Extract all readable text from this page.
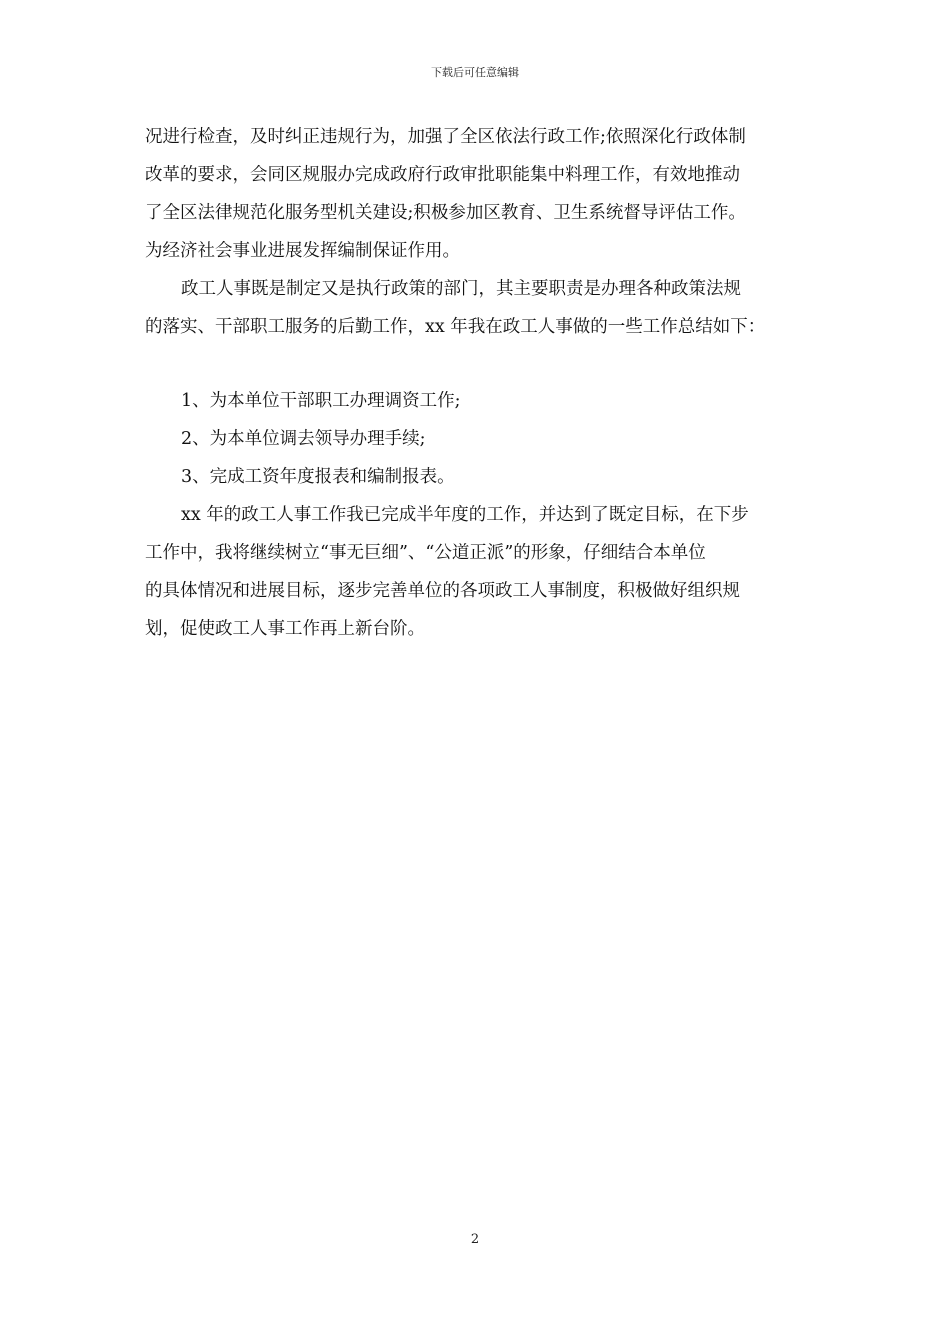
下载后可任意编辑
况进行检查，及时纠正违规行为，加强了全区依法行政工作;依照深化行政体制
改革的要求，会同区规服办完成政府行政审批职能集中料理工作，有效地推动
了全区法律规范化服务型机关建设;积极参加区教育、卫生系统督导评估工作。
为经济社会事业进展发挥编制保证作用。
政工人事既是制定又是执行政策的部门，其主要职责是办理各种政策法规
的落实、干部职工服务的后勤工作，xx 年我在政工人事做的一些工作总结如下：
1、为本单位干部职工办理调资工作;
2、为本单位调去领导办理手续;
3、完成工资年度报表和编制报表。
xx 年的政工人事工作我已完成半年度的工作，并达到了既定目标，在下步
工作中，我将继续树立“事无巨细”、“公道正派”的形象，仔细结合本单位
的具体情况和进展目标，逐步完善单位的各项政工人事制度，积极做好组织规
划，促使政工人事工作再上新台阶。
2
